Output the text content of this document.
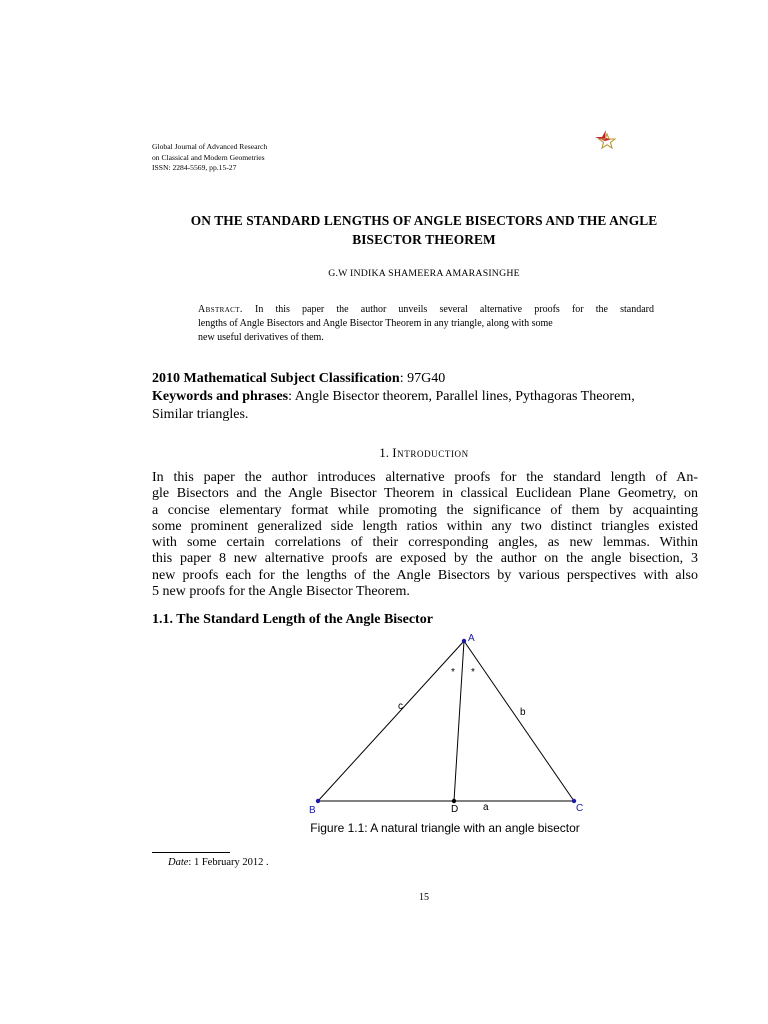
Global Journal of Advanced Research
on Classical and Modern Geometries
ISSN: 2284-5569, pp.15-27
ON THE STANDARD LENGTHS OF ANGLE BISECTORS AND THE ANGLE
BISECTOR THEOREM
G.W INDIKA SHAMEERA AMARASINGHE
Abstract. In this paper the author unveils several alternative proofs for the standard
lengths of Angle Bisectors and Angle Bisector Theorem in any triangle, along with some
new useful derivatives of them.
2010 Mathematical Subject Classification: 97G40
Keywords and phrases: Angle Bisector theorem, Parallel lines, Pythagoras Theorem,
Similar triangles.
1. Introduction
In this paper the author introduces alternative proofs for the standard length of An-
gle Bisectors and the Angle Bisector Theorem in classical Euclidean Plane Geometry, on
a concise elementary format while promoting the significance of them by acquainting
some prominent generalized side length ratios within any two distinct triangles existed
with some certain correlations of their corresponding angles, as new lemmas. Within
this paper 8 new alternative proofs are exposed by the author on the angle bisection, 3
new proofs each for the lengths of the Angle Bisectors by various perspectives with also
5 new proofs for the Angle Bisector Theorem.
1.1. The Standard Length of the Angle Bisector
A
B	C
D a
b
c
* *
Figure 1.1: A natural triangle with an angle bisector
Date: 1 February 2012 .
15
